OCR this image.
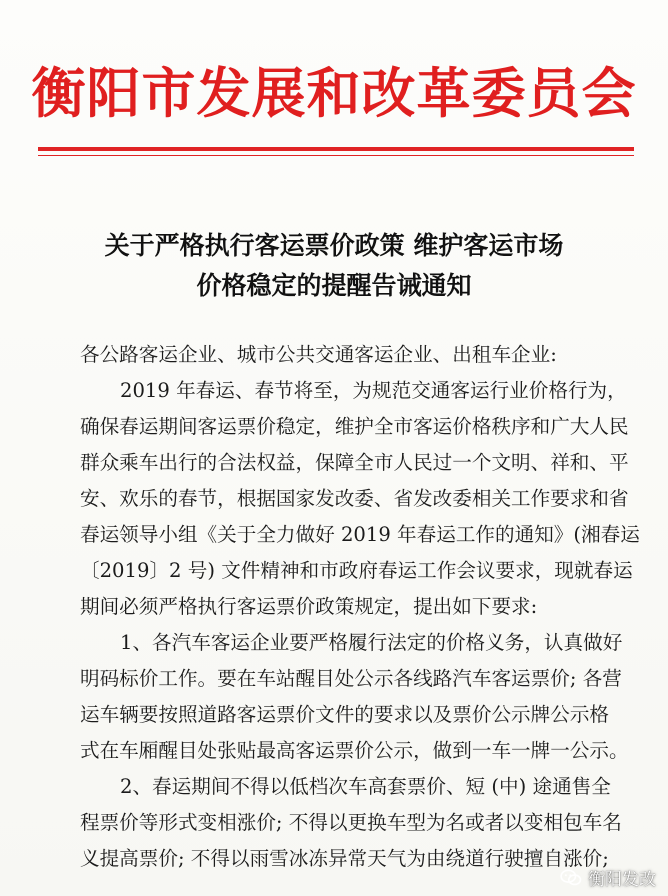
衡阳市发展和改革委员会
关于严格执行客运票价政策 维护客运市场
价格稳定的提醒告诫通知
各公路客运企业、城市公共交通客运企业、出租车企业:
2019 年春运、春节将至，为规范交通客运行业价格行为，
确保春运期间客运票价稳定，维护全市客运价格秩序和广大人民
群众乘车出行的合法权益，保障全市人民过一个文明、祥和、平
安、欢乐的春节，根据国家发改委、省发改委相关工作要求和省
春运领导小组《关于全力做好 2019 年春运工作的通知》(湘春运
〔2019〕2 号) 文件精神和市政府春运工作会议要求，现就春运
期间必须严格执行客运票价政策规定，提出如下要求:
1、各汽车客运企业要严格履行法定的价格义务，认真做好
明码标价工作。要在车站醒目处公示各线路汽车客运票价; 各营
运车辆要按照道路客运票价文件的要求以及票价公示牌公示格
式在车厢醒目处张贴最高客运票价公示，做到一车一牌一公示。
2、春运期间不得以低档次车高套票价、短 (中) 途通售全
程票价等形式变相涨价; 不得以更换车型为名或者以变相包车名
义提高票价; 不得以雨雪冰冻异常天气为由绕道行驶擅自涨价;
衡阳发改
